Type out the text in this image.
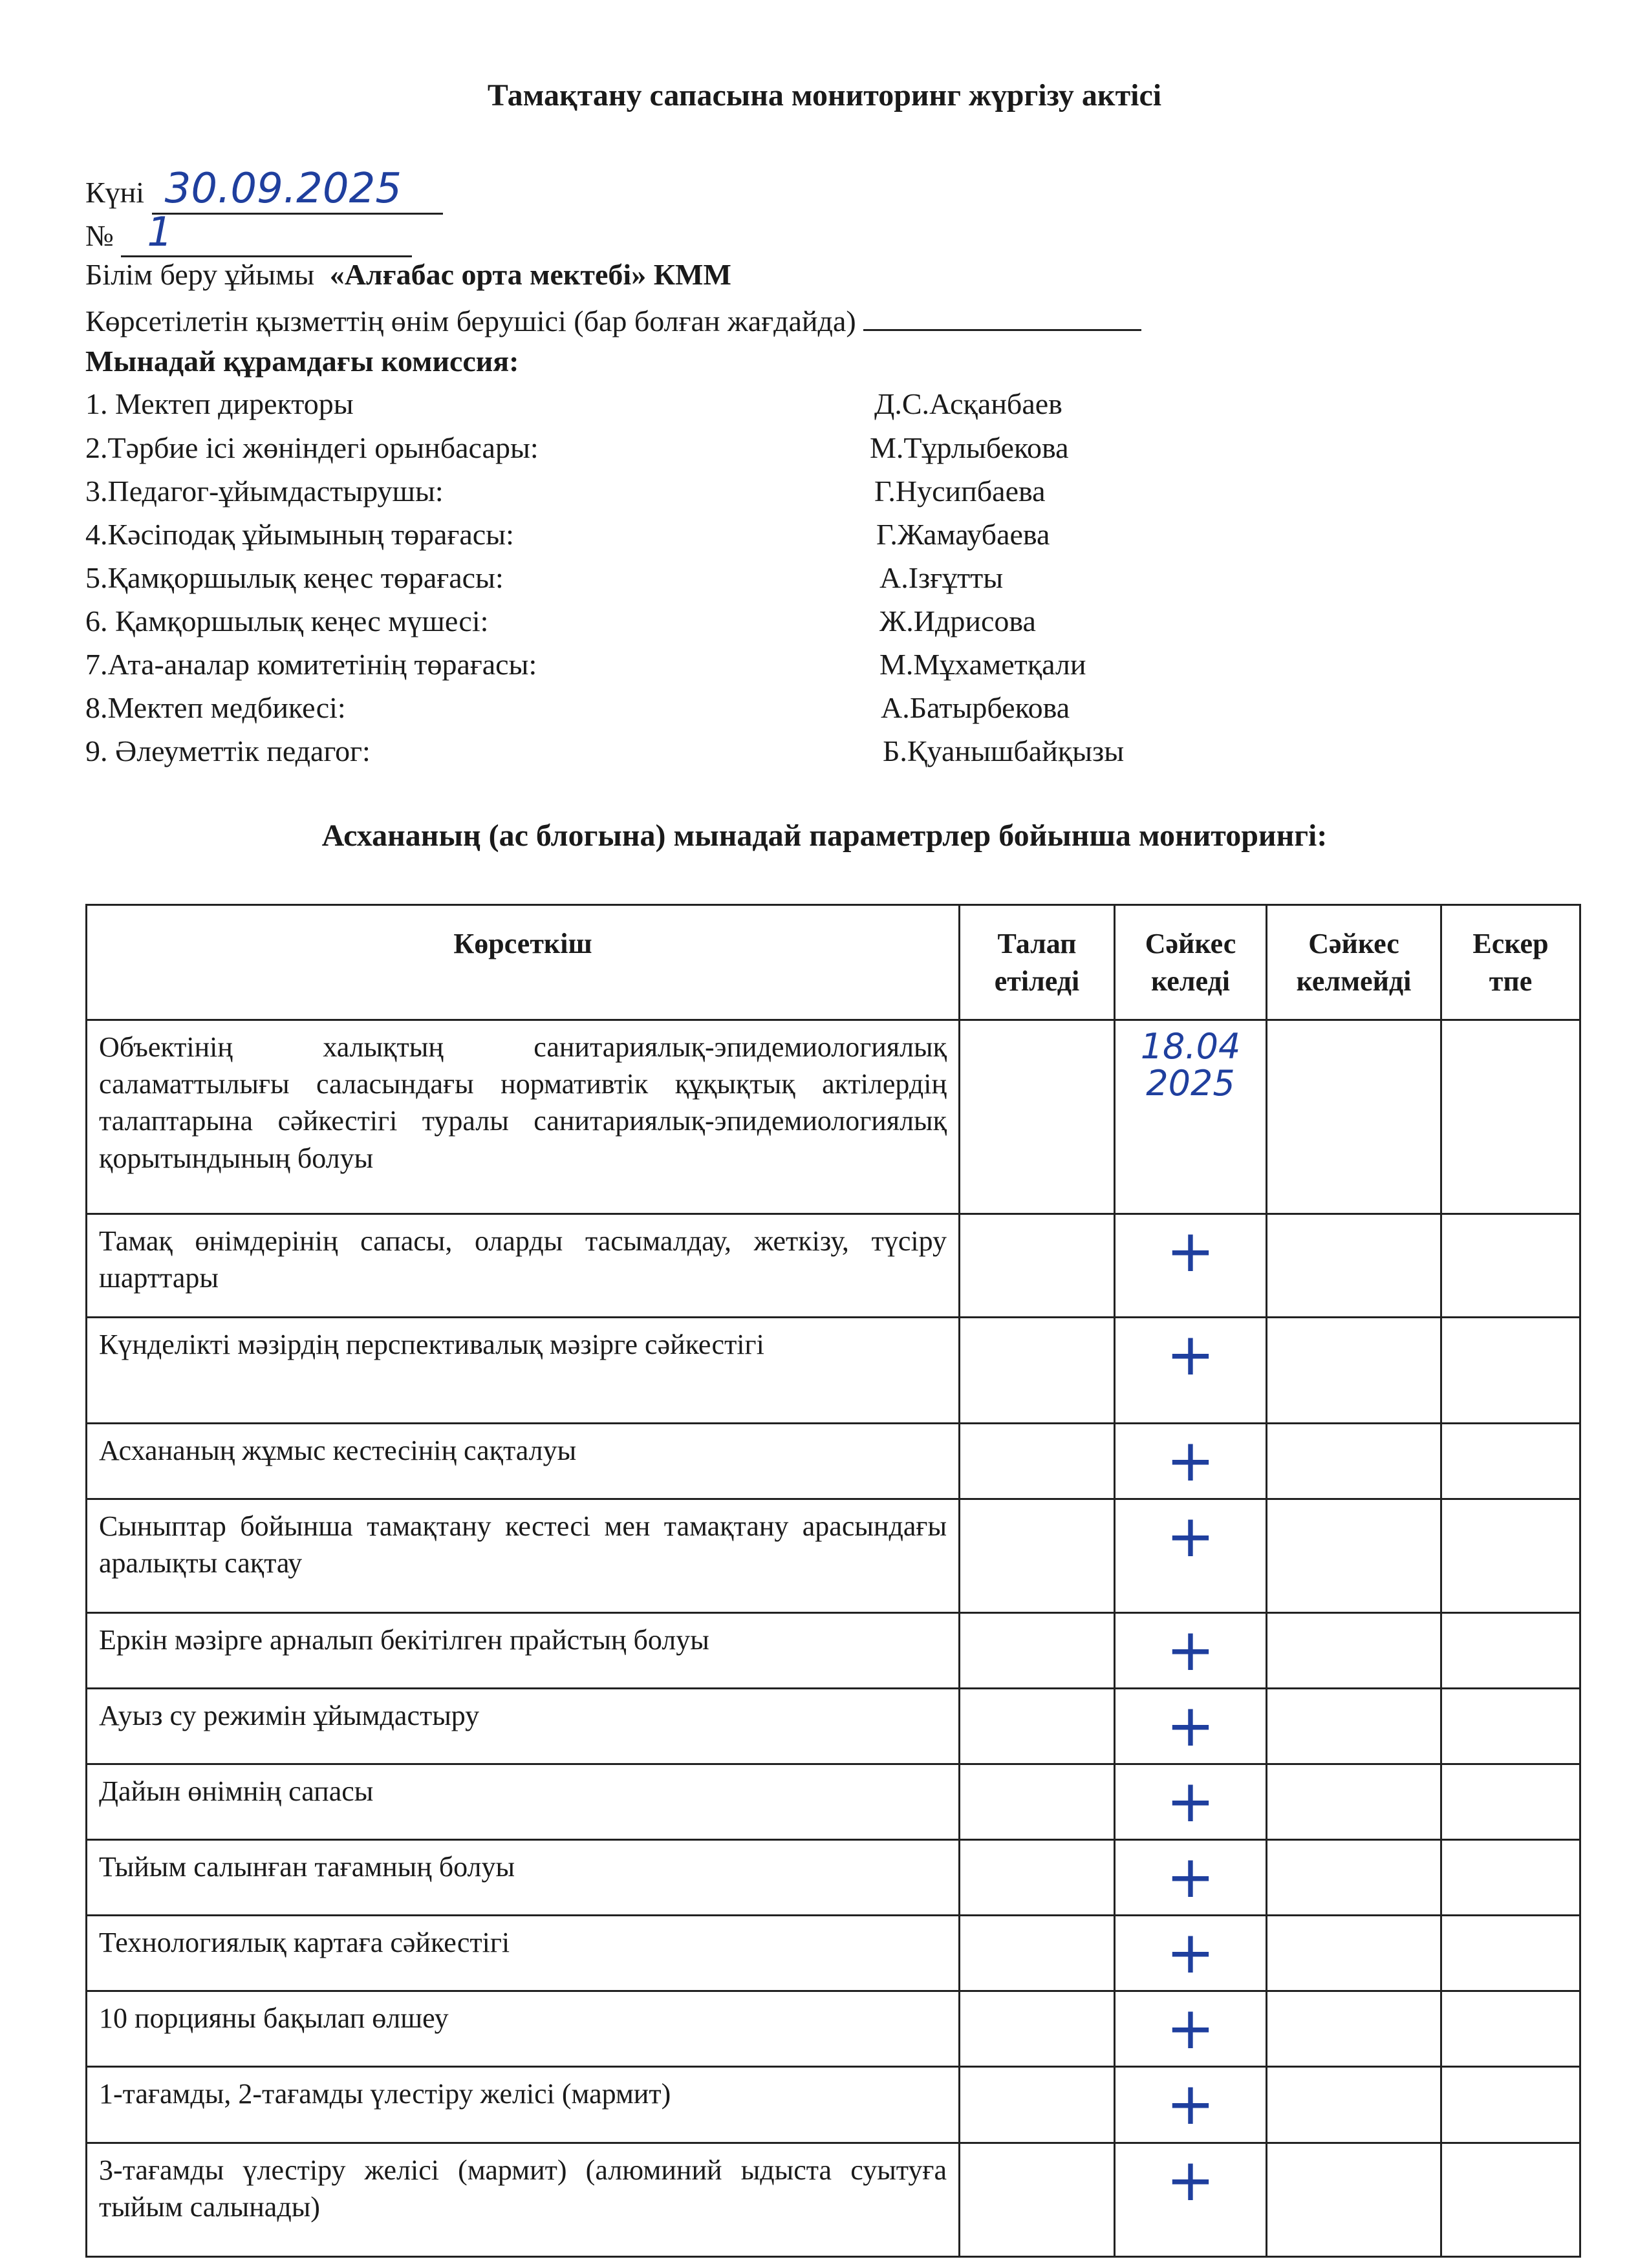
Тамақтану сапасына мониторинг жүргізу актісі
Күні 30.09.2025
№ 1
Білім беру ұйымы «Алғабас орта мектебі» КММ
Көрсетілетін қызметтің өнім берушісі (бар болған жағдайда)
Мынадай құрамдағы комиссия:
1. Мектеп директоры	Д.С.Асқанбаев
2.Тәрбие ісі жөніндегі орынбасары:	М.Тұрлыбекова
3.Педагог-ұйымдастырушы:	Г.Нусипбаева
4.Кәсіподақ ұйымының төрағасы:	Г.Жамаубаева
5.Қамқоршылық кеңес төрағасы:	А.Ізғұтты
6. Қамқоршылық кеңес мүшесі:	Ж.Идрисова
7.Ата-аналар комитетінің төрағасы:	М.Мұхаметқали
8.Мектеп медбикесі:	А.Батырбекова
9. Әлеуметтік педагог:	Б.Қуанышбайқызы
Асхананың (ас блогына) мынадай параметрлер бойынша мониторингі:
Көрсеткіш	Талап етіледі	Сәйкес келеді	Сәйкес келмейді	Ескер тпе
Объектінің халықтың санитариялық-эпидемиологиялық саламаттылығы саласындағы нормативтік құқықтық актілердің талаптарына сәйкестігі туралы санитариялық-эпидемиологиялық қорытындының болуы		18.04 2025		

Тамақ өнімдерінің сапасы, оларды тасымалдау, жеткізу, түсіру шарттары		+		
Күнделікті мәзірдің перспективалық мәзірге сәйкестігі		+		
Асхананың жұмыс кестесінің сақталуы		+		
Сыныптар бойынша тамақтану кестесі мен тамақтану арасындағы аралықты сақтау		+		
Еркін мәзірге арналып бекітілген прайстың болуы		+		
Ауыз су режимін ұйымдастыру		+		
Дайын өнімнің сапасы		+		
Тыйым салынған тағамның болуы		+		
Технологиялық картаға сәйкестігі		+		
10 порцияны бақылап өлшеу		+		
1-тағамды, 2-тағамды үлестіру желісі (мармит)		+		
3-тағамды үлестіру желісі (мармит) (алюминий ыдыста суытуға тыйым салынады)		+		
